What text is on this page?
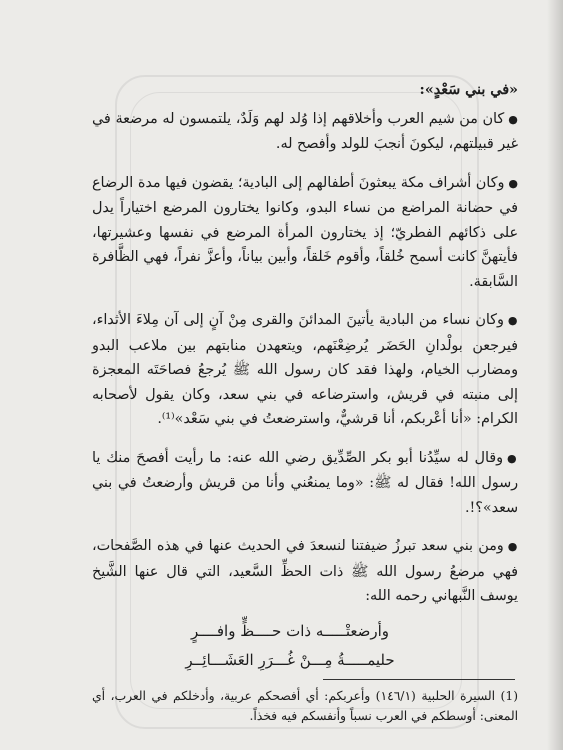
«في بني سَعْدٍ»:

●كان من شيم العرب وأخلاقهم إذا وُلد لهم وَلَدٌ، يلتمسون له مرضعة في غير قبيلتهم، ليكونَ أنجبَ للولد وأفصح له.

●وكان أشراف مكة يبعثونَ أطفالهم إلى البادية؛ يقضون فيها مدة الرضاع في حضانة المراضع من نساء البدو، وكانوا يختارون المرضع اختياراً يدل على ذكائهم الفطريّ؛ إذ يختارون المرأة المرضع في نفسها وعشيرتها، فأيتهنَّ كانت أسمح خُلقاً، وأقوم خَلقاً، وأبين بياناً، وأعزَّ نفراً، فهي الظَّافرة السَّابقة.

●وكان نساء من البادية يأتينَ المدائنَ والقرى مِنْ آنٍ إلى آن مِلاءَ الأثداء، فيرجعن بولْدانِ الحَضَر يُرضِعْنَهم، ويتعهدن منابتهم بين ملاعب البدو ومضارب الخيام، ولهذا فقد كان رسول الله ﷺ يُرجعُ فصاحَتَه المعجزة إلى منبته في قريش، واسترضاعه في بني سعد، وكان يقول لأصحابه الكرام: «أنا أعْربكم، أنا قرشيٌّ، واسترضعتُ في بني سَعْد»⁽¹⁾.

●وقال له سيِّدُنا أبو بكر الصِّدِّيق رضي الله عنه: ما رأيت أفصحَ منك يا رسول الله! فقال له ﷺ: «وما يمنعُني وأنا من قريش وأرضعتُ في بني سعد»؟!.

●ومن بني سعد تبرزُ ضيفتنا لنسعدَ في الحديث عنها في هذه الصَّفحات، فهي مرضعُ رسول الله ﷺ ذات الحظِّ السَّعيد، التي قال عنها الشَّيخ يوسف النَّبهاني رحمه الله:

وأرضعتْـــــه ذات حــــظٍّ وافــــرٍ
حليمـــــةُ مِـــنْ غُـــرَرِ العَشَـــائِــرِ
(1) السيرة الحلبية (١٤٦/١) وأعربكم: أي أفصحكم عربية، وأدخلكم في العرب، أي المعنى: أوسطكم في العرب نسباً وأنفسكم فيه فخذاً.
